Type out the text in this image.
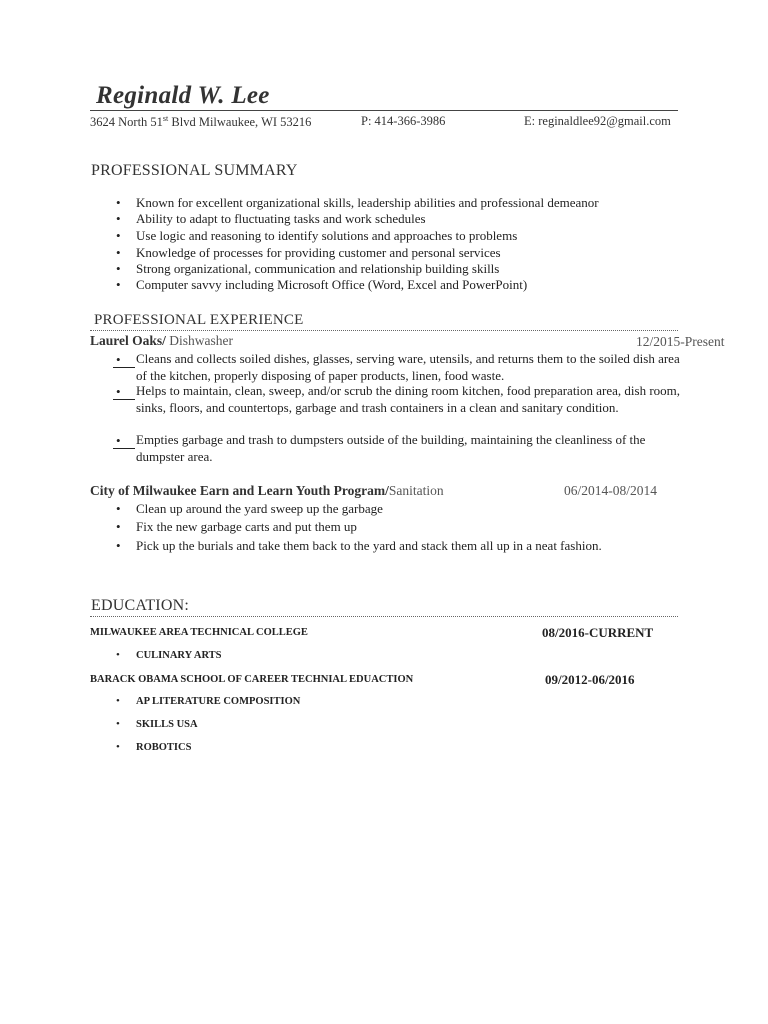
Reginald W. Lee
3624 North 51st Blvd Milwaukee, WI 53216	P: 414-366-3986	E: reginaldlee92@gmail.com
PROFESSIONAL SUMMARY
• Known for excellent organizational skills, leadership abilities and professional demeanor
• Ability to adapt to fluctuating tasks and work schedules
• Use logic and reasoning to identify solutions and approaches to problems
• Knowledge of processes for providing customer and personal services
• Strong organizational, communication and relationship building skills
• Computer savvy including Microsoft Office (Word, Excel and PowerPoint)
PROFESSIONAL EXPERIENCE
Laurel Oaks/ Dishwasher	12/2015-Present
• Cleans and collects soiled dishes, glasses, serving ware, utensils, and returns them to the soiled dish area of the kitchen, properly disposing of paper products, linen, food waste.
• Helps to maintain, clean, sweep, and/or scrub the dining room kitchen, food preparation area, dish room, sinks, floors, and countertops, garbage and trash containers in a clean and sanitary condition.
• Empties garbage and trash to dumpsters outside of the building, maintaining the cleanliness of the dumpster area.
City of Milwaukee Earn and Learn Youth Program/Sanitation	06/2014-08/2014
• Clean up around the yard sweep up the garbage
• Fix the new garbage carts and put them up
• Pick up the burials and take them back to the yard and stack them all up in a neat fashion.
EDUCATION:
MILWAUKEE AREA TECHNICAL COLLEGE	08/2016-CURRENT
• CULINARY ARTS
BARACK OBAMA SCHOOL OF CAREER TECHNIAL EDUACTION	09/2012-06/2016
• AP LITERATURE COMPOSITION
• SKILLS USA
• ROBOTICS
